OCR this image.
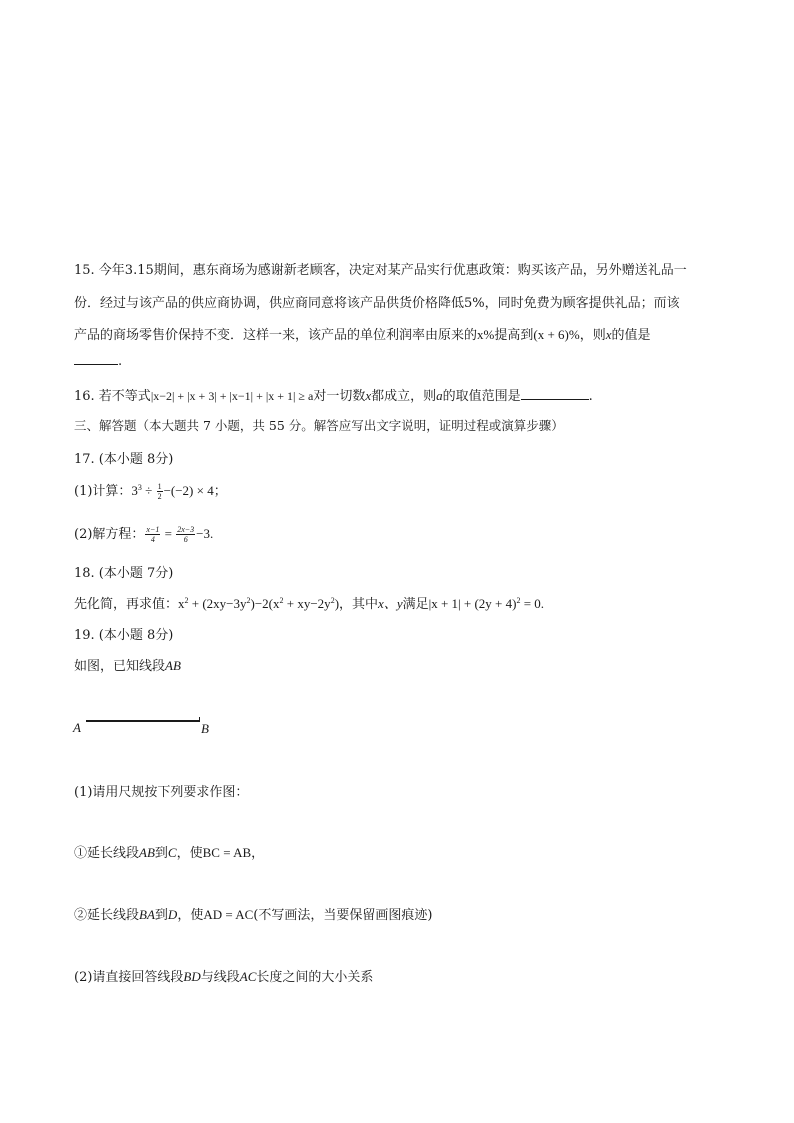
15. 今年3.15期间，惠东商场为感谢新老顾客，决定对某产品实行优惠政策：购买该产品，另外赠送礼品一
份．经过与该产品的供应商协调，供应商同意将该产品供货价格降低5%，同时免费为顾客提供礼品；而该
产品的商场零售价保持不变．这样一来，该产品的单位利润率由原来的x%提高到(x + 6)%，则x的值是
.
16. 若不等式|x−2| + |x + 3| + |x−1| + |x + 1| ≥ a对一切数x都成立，则a的取值范围是	.
三、解答题（本大题共 7 小题，共 55 分。解答应写出文字说明，证明过程或演算步骤）
17. (本小题 8分)
(1)计算：$3^3 \div \frac{1}{2} -(-2) \times 4$；
(2)解方程： $\frac{x-1}{4} = \frac{2x-3}{6} -3$.
18. (本小题 7分)
先化简，再求值：$x^2 + (2xy-3y^2)-2(x^2 + xy-2y^2)$，其中x、y满足$|x + 1| + (2y + 4)^2 = 0$.
19. (本小题 8分)
如图，已知线段AB
A	B
(1)请用尺规按下列要求作图：
①延长线段AB到C，使BC = AB，
②延长线段BA到D，使AD = AC(不写画法，当要保留画图痕迹)
(2)请直接回答线段BD与线段AC长度之间的大小关系
